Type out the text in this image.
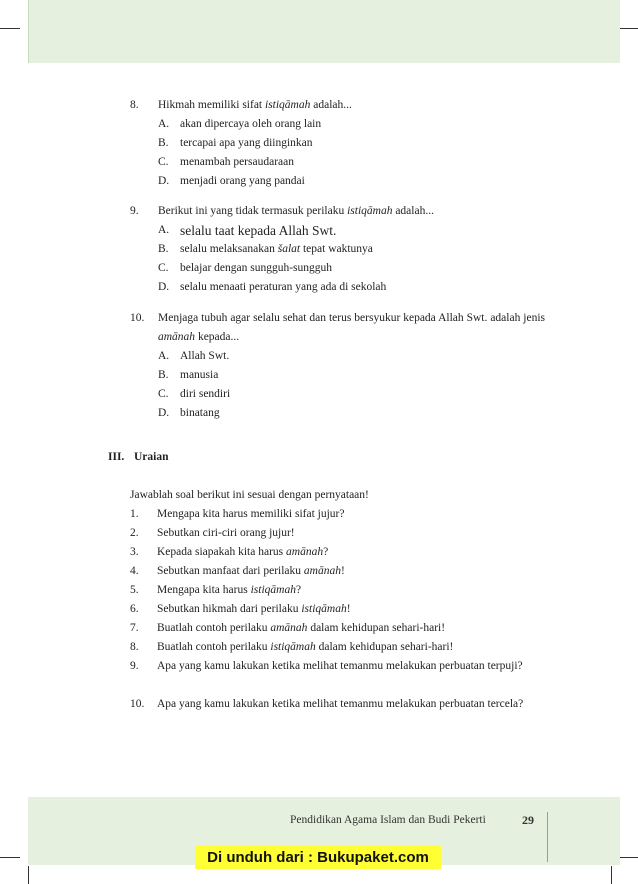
8.	Hikmah memiliki sifat istiqāmah adalah...
A. akan dipercaya oleh orang lain
B. tercapai apa yang diinginkan
C. menambah persaudaraan
D. menjadi orang yang pandai
9.	Berikut ini yang tidak termasuk perilaku istiqāmah adalah...
A. selalu taat kepada Allah Swt.
B. selalu melaksanakan šalat tepat waktunya
C. belajar dengan sungguh-sungguh
D. selalu menaati peraturan yang ada di sekolah
10.	Menjaga tubuh agar selalu sehat dan terus bersyukur kepada Allah Swt. adalah jenis amānah kepada...
A. Allah Swt.
B. manusia
C. diri sendiri
D. binatang
III. Uraian
Jawablah soal berikut ini sesuai dengan pernyataan!
1.	Mengapa kita harus memiliki sifat jujur?
2.	Sebutkan ciri-ciri orang jujur!
3.	Kepada siapakah kita harus amānah?
4.	Sebutkan manfaat dari perilaku amānah!
5.	Mengapa kita harus istiqāmah?
6.	Sebutkan hikmah dari perilaku istiqāmah!
7.	Buatlah contoh perilaku amānah dalam kehidupan sehari-hari!
8.	Buatlah contoh perilaku istiqāmah dalam kehidupan sehari-hari!
9.	Apa yang kamu lakukan ketika melihat temanmu melakukan perbuatan terpuji?
10.	Apa yang kamu lakukan ketika melihat temanmu melakukan perbuatan tercela?
Pendidikan Agama Islam dan Budi Pekerti	29
Di unduh dari : Bukupaket.com
